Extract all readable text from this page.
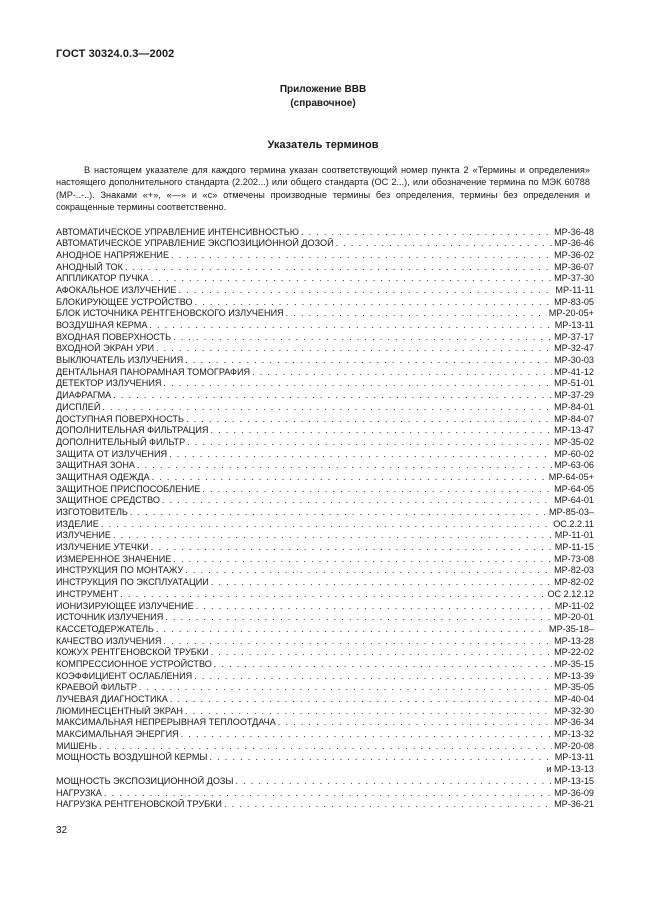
ГОСТ 30324.0.3—2002
Приложение ВВВ
(справочное)
Указатель терминов

В настоящем указателе для каждого термина указан соответствующий номер пункта 2 «Термины и определения» настоящего дополнительного стандарта (2.202...) или общего стандарта (ОС 2...), или обозначение термина по МЭК 60788 (МР-..-..). Знаками «+», «—» и «с» отмечены производные термины без определения, термины без определения и сокращенные термины соответственно.

АВТОМАТИЧЕСКОЕ УПРАВЛЕНИЕ ИНТЕНСИВНОСТЬЮ . . .	МР-36-48
АВТОМАТИЧЕСКОЕ УПРАВЛЕНИЕ ЭКСПОЗИЦИОННОЙ ДОЗОЙ . . .	МР-36-46
АНОДНОЕ НАПРЯЖЕНИЕ . . .	МР-36-02
АНОДНЫЙ ТОК . . .	МР-36-07
АППЛИКАТОР ПУЧКА . . .	МР-37-30
АФОКАЛЬНОЕ ИЗЛУЧЕНИЕ . . .	МР-11-11
БЛОКИРУЮЩЕЕ УСТРОЙСТВО . . .	МР-83-05
БЛОК ИСТОЧНИКА РЕНТГЕНОВСКОГО ИЗЛУЧЕНИЯ . . .	МР-20-05+
ВОЗДУШНАЯ КЕРМА . . .	МР-13-11
ВХОДНАЯ ПОВЕРХНОСТЬ . . .	МР-37-17
ВХОДНОЙ ЭКРАН УРИ . . .	МР-32-47
ВЫКЛЮЧАТЕЛЬ ИЗЛУЧЕНИЯ . . .	МР-30-03
ДЕНТАЛЬНАЯ ПАНОРАМНАЯ ТОМОГРАФИЯ . . .	МР-41-12
ДЕТЕКТОР ИЗЛУЧЕНИЯ . . .	МР-51-01
ДИАФРАГМА . . .	МР-37-29
ДИСПЛЕЙ . . .	МР-84-01
ДОСТУПНАЯ ПОВЕРХНОСТЬ . . .	МР-84-07
ДОПОЛНИТЕЛЬНАЯ ФИЛЬТРАЦИЯ . . .	МР-13-47
ДОПОЛНИТЕЛЬНЫЙ ФИЛЬТР . . .	МР-35-02
ЗАЩИТА ОТ ИЗЛУЧЕНИЯ . . .	МР-60-02
ЗАЩИТНАЯ ЗОНА . . .	МР-63-06
ЗАЩИТНАЯ ОДЕЖДА . . .	МР-64-05+
ЗАЩИТНОЕ ПРИСПОСОБЛЕНИЕ . . .	МР-64-05
ЗАЩИТНОЕ СРЕДСТВО . . .	МР-64-01
ИЗГОТОВИТЕЛЬ . . .	МР-85-03–
ИЗДЕЛИЕ . . .	ОС.2.2.11
ИЗЛУЧЕНИЕ . . .	МР-11-01
ИЗЛУЧЕНИЕ УТЕЧКИ . . .	МР-11-15
ИЗМЕРЕННОЕ ЗНАЧЕНИЕ . . .	МР-73-08
ИНСТРУКЦИЯ ПО МОНТАЖУ . . .	МР-82-03
ИНСТРУКЦИЯ ПО ЭКСПЛУАТАЦИИ . . .	МР-82-02
ИНСТРУМЕНТ . . .	ОС 2.12.12
ИОНИЗИРУЮЩЕЕ ИЗЛУЧЕНИЕ . . .	МР-11-02
ИСТОЧНИК ИЗЛУЧЕНИЯ . . .	МР-20-01
КАССЕТОДЕРЖАТЕЛЬ . . .	МР-35-18–
КАЧЕСТВО ИЗЛУЧЕНИЯ . . .	МР-13-28
КОЖУХ РЕНТГЕНОВСКОЙ ТРУБКИ . . .	МР-22-02
КОМПРЕССИОННОЕ УСТРОЙСТВО . . .	МР-35-15
КОЭФФИЦИЕНТ ОСЛАБЛЕНИЯ . . .	МР-13-39
КРАЕВОЙ ФИЛЬТР . . .	МР-35-05
ЛУЧЕВАЯ ДИАГНОСТИКА . . .	МР-40-04
ЛЮМИНЕСЦЕНТНЫЙ ЭКРАН . . .	МР-32-30
МАКСИМАЛЬНАЯ НЕПРЕРЫВНАЯ ТЕПЛООТДАЧА . . .	МР-36-34
МАКСИМАЛЬНАЯ ЭНЕРГИЯ . . .	МР-13-32
МИШЕНЬ . . .	МР-20-08
МОЩНОСТЬ ВОЗДУШНОЙ КЕРМЫ . . .	МР-13-11
и МР-13-13
МОЩНОСТЬ ЭКСПОЗИЦИОННОЙ ДОЗЫ . . .	МР-13-15
НАГРУЗКА . . .	МР-36-09
НАГРУЗКА РЕНТГЕНОВСКОЙ ТРУБКИ . . .	МР-36-21
32
